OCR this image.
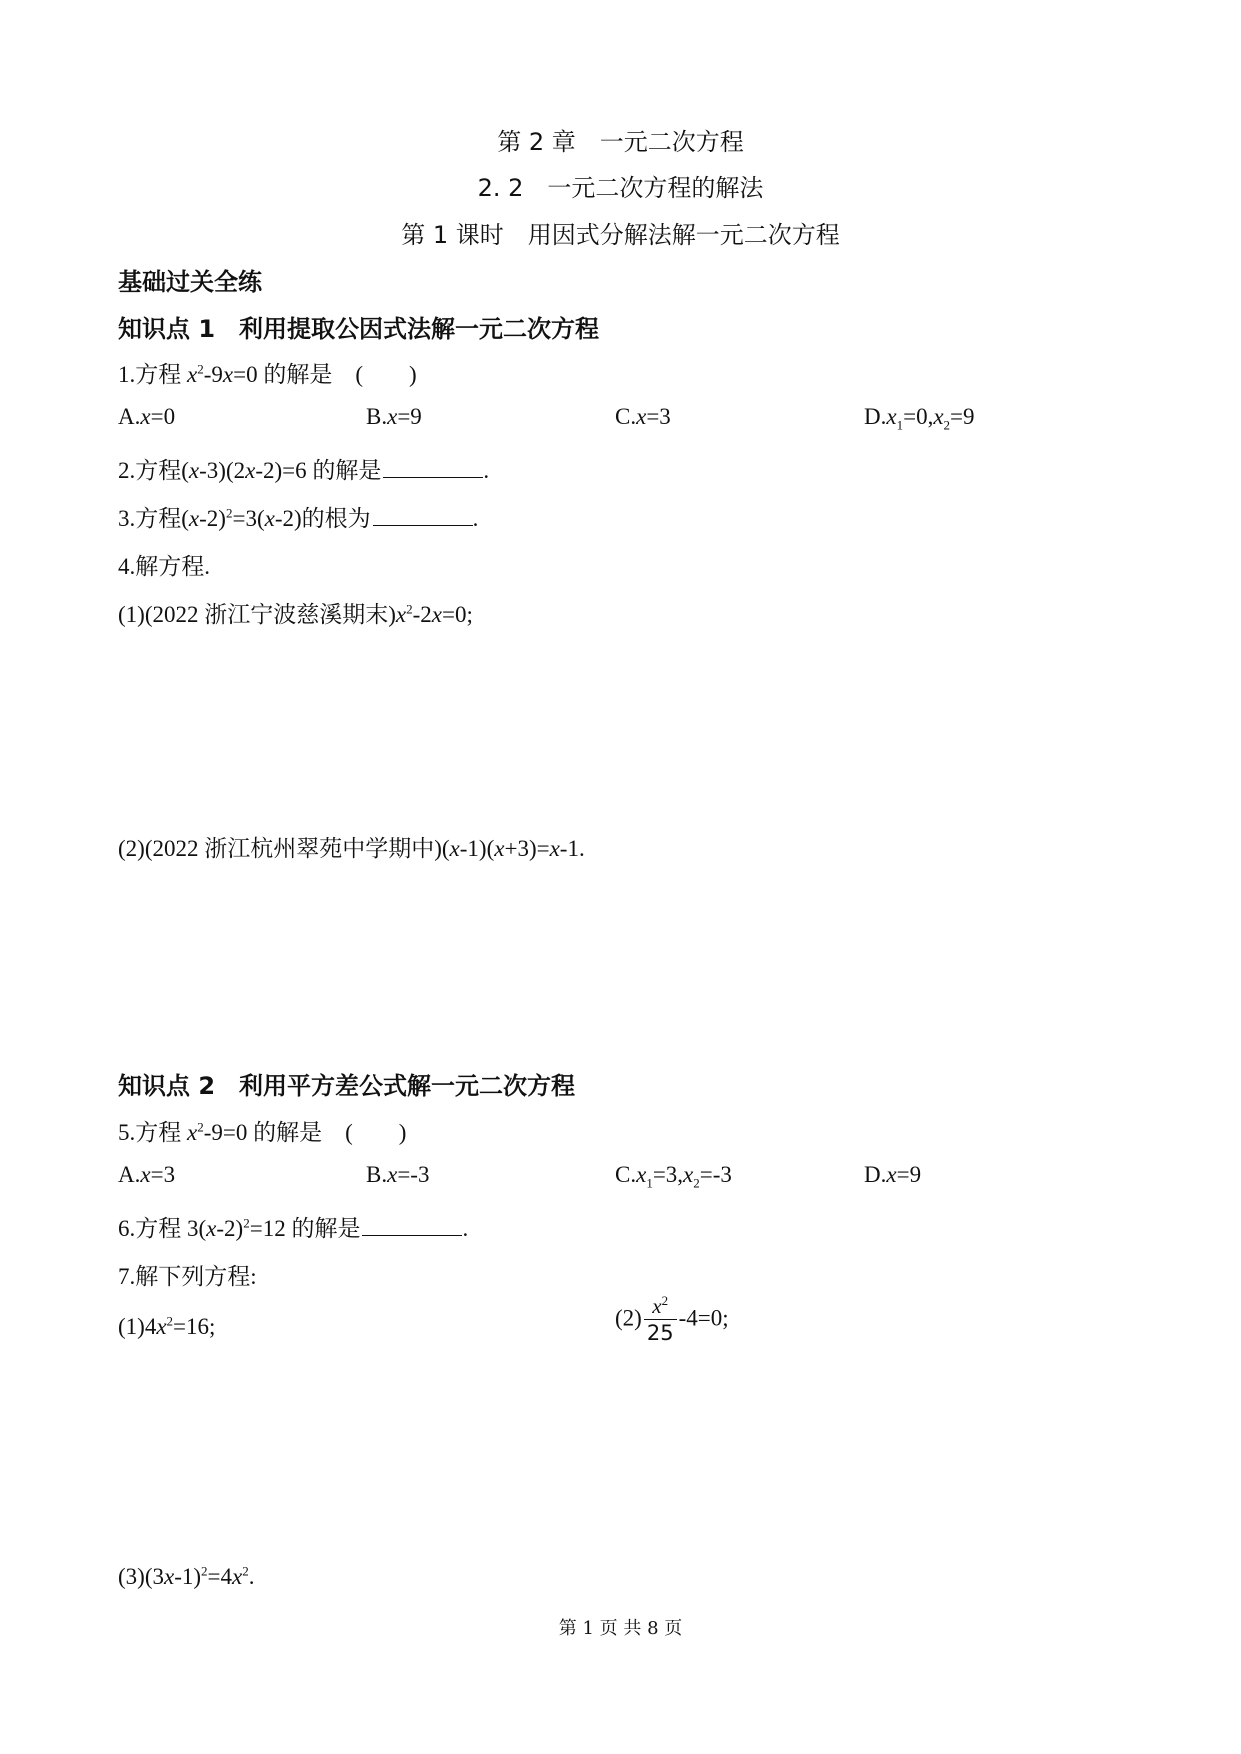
第 2 章　一元二次方程
2. 2　一元二次方程的解法
第 1 课时　用因式分解法解一元二次方程
基础过关全练
知识点 1　利用提取公因式法解一元二次方程
1.方程 $x^2-9x=0$ 的解是　(　　)
A.x=0	B.x=9	C.x=3	$D.x_1=0,x_2=9$
2.方程(x-3)(2x-2)=6 的解是	.
3.方程$(x-2)^2=3(x-2)$的根为	.
4.解方程.
(1)(2022 浙江宁波慈溪期末)$x^2-2x=0$;
(2)(2022 浙江杭州翠苑中学期中)(x-1)(x+3)=x-1.
知识点 2　利用平方差公式解一元二次方程
5.方程 $x^2-9=0$ 的解是　(　　)
A.x=3	B.x=-3	$C.x_1=3,x_2=-3$	D.x=9
6.方程 $3(x-2)^2=12$ 的解是	.
7.解下列方程:
$(1)4x^2=16$;	$(2) \frac{x^2}{25} -4=0$;
$(3)(3x-1)^2=4x^2$.
第 1 页 共 8 页
